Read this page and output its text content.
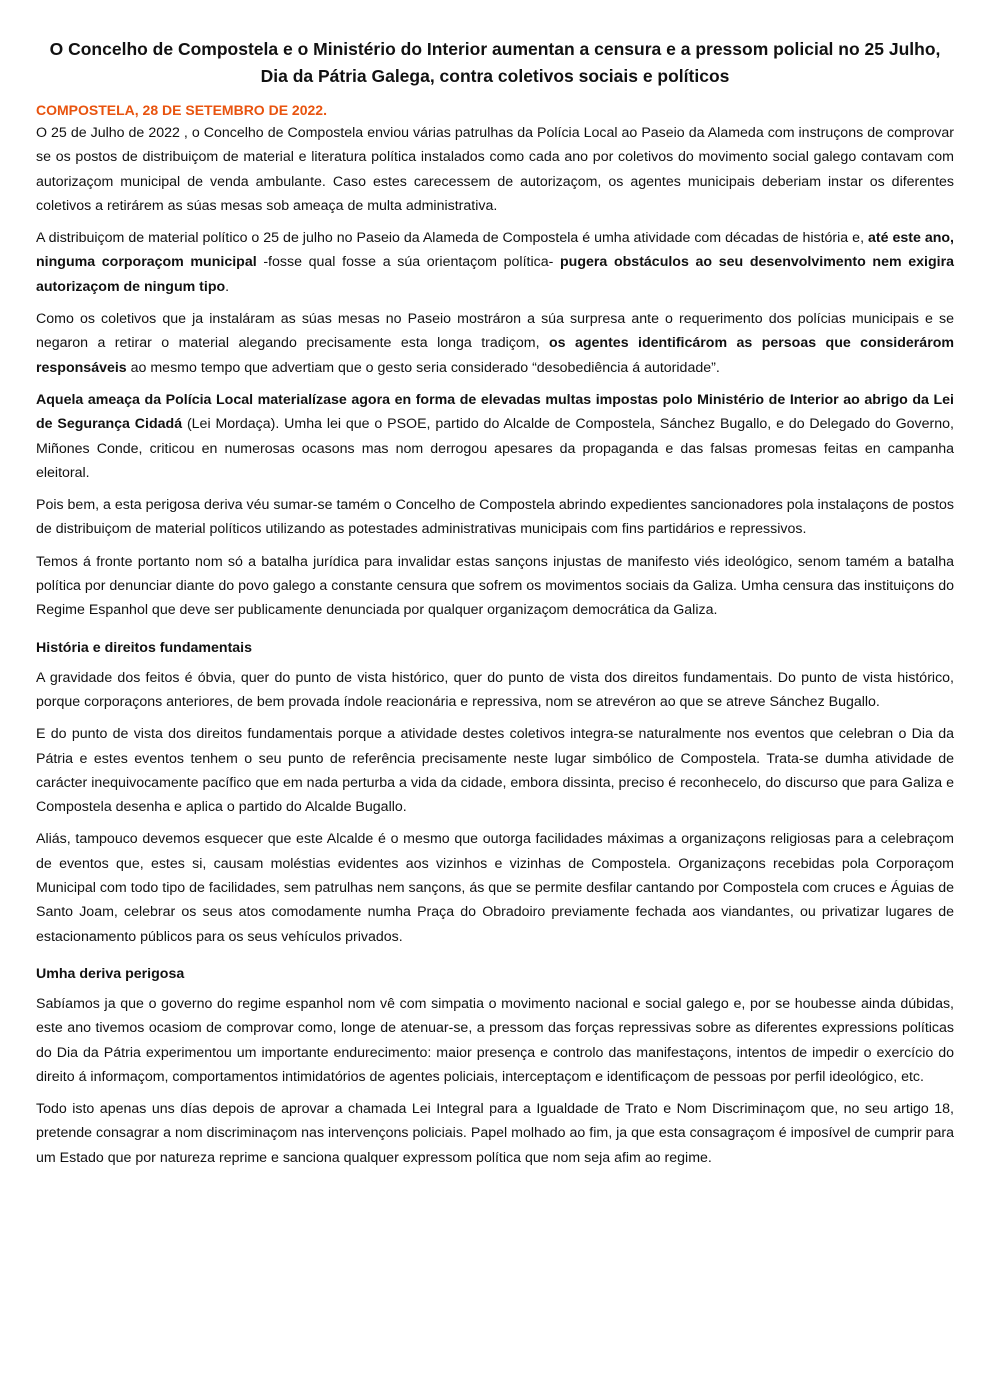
O Concelho de Compostela e o Ministério do Interior aumentan a censura e a pressom policial no 25 Julho, Dia da Pátria Galega, contra coletivos sociais e políticos

COMPOSTELA, 28 DE SETEMBRO DE 2022.

O 25 de Julho de 2022 , o Concelho de Compostela enviou várias patrulhas da Polícia Local ao Paseio da Alameda com instruçons de comprovar se os postos de distribuiçom de material e literatura política instalados como cada ano por coletivos do movimento social galego contavam com autorizaçom municipal de venda ambulante. Caso estes carecessem de autorizaçom, os agentes municipais deberiam instar os diferentes coletivos a retirárem as súas mesas sob ameaça de multa administrativa.

A distribuiçom de material político o 25 de julho no Paseio da Alameda de Compostela é umha atividade com décadas de história e, até este ano, ninguma corporaçom municipal -fosse qual fosse a súa orientaçom política- pugera obstáculos ao seu desenvolvimento nem exigira autorizaçom de ningum tipo.

Como os coletivos que ja instaláram as súas mesas no Paseio mostráron a súa surpresa ante o requerimento dos polícias municipais e se negaron a retirar o material alegando precisamente esta longa tradiçom, os agentes identificárom as persoas que considerárom responsáveis ao mesmo tempo que advertiam que o gesto seria considerado “desobediência á autoridade”.

Aquela ameaça da Polícia Local materialízase agora en forma de elevadas multas impostas polo Ministério de Interior ao abrigo da Lei de Segurança Cidadá (Lei Mordaça). Umha lei que o PSOE, partido do Alcalde de Compostela, Sánchez Bugallo, e do Delegado do Governo, Miñones Conde, criticou en numerosas ocasons mas nom derrogou apesares da propaganda e das falsas promesas feitas en campanha eleitoral.

Pois bem, a esta perigosa deriva véu sumar-se tamém o Concelho de Compostela abrindo expedientes sancionadores pola instalaçons de postos de distribuiçom de material políticos utilizando as potestades administrativas municipais com fins partidários e repressivos.

Temos á fronte portanto nom só a batalha jurídica para invalidar estas sançons injustas de manifesto viés ideológico, senom tamém a batalha política por denunciar diante do povo galego a constante censura que sofrem os movimentos sociais da Galiza. Umha censura das instituiçons do Regime Espanhol que deve ser publicamente denunciada por qualquer organizaçom democrática da Galiza.

História e direitos fundamentais

A gravidade dos feitos é óbvia, quer do punto de vista histórico, quer do punto de vista dos direitos fundamentais. Do punto de vista histórico, porque corporaçons anteriores, de bem provada índole reacionária e repressiva, nom se atrevéron ao que se atreve Sánchez Bugallo.

E do punto de vista dos direitos fundamentais porque a atividade destes coletivos integra-se naturalmente nos eventos que celebran o Dia da Pátria e estes eventos tenhem o seu punto de referência precisamente neste lugar simbólico de Compostela. Trata-se dumha atividade de carácter inequivocamente pacífico que em nada perturba a vida da cidade, embora dissinta, preciso é reconhecelo, do discurso que para Galiza e Compostela desenha e aplica o partido do Alcalde Bugallo.

Aliás, tampouco devemos esquecer que este Alcalde é o mesmo que outorga facilidades máximas a organizaçons religiosas para a celebraçom de eventos que, estes si, causam moléstias evidentes aos vizinhos e vizinhas de Compostela. Organizaçons recebidas pola Corporaçom Municipal com todo tipo de facilidades, sem patrulhas nem sançons, ás que se permite desfilar cantando por Compostela com cruces e Águias de Santo Joam, celebrar os seus atos comodamente numha Praça do Obradoiro previamente fechada aos viandantes, ou privatizar lugares de estacionamento públicos para os seus vehículos privados.

Umha deriva perigosa

Sabíamos ja que o governo do regime espanhol nom vê com simpatia o movimento nacional e social galego e, por se houbesse ainda dúbidas, este ano tivemos ocasiom de comprovar como, longe de atenuar-se, a pressom das forças repressivas sobre as diferentes expressions políticas do Dia da Pátria experimentou um importante endurecimento: maior presença e controlo das manifestaçons, intentos de impedir o exercício do direito á informaçom, comportamentos intimidatórios de agentes policiais, interceptaçom e identificaçom de pessoas por perfil ideológico, etc.

Todo isto apenas uns días depois de aprovar a chamada Lei Integral para a Igualdade de Trato e Nom Discriminaçom que, no seu artigo 18, pretende consagrar a nom discriminaçom nas intervençons policiais. Papel molhado ao fim, ja que esta consagraçom é imposível de cumprir para um Estado que por natureza reprime e sanciona qualquer expressom política que nom seja afim ao regime.
